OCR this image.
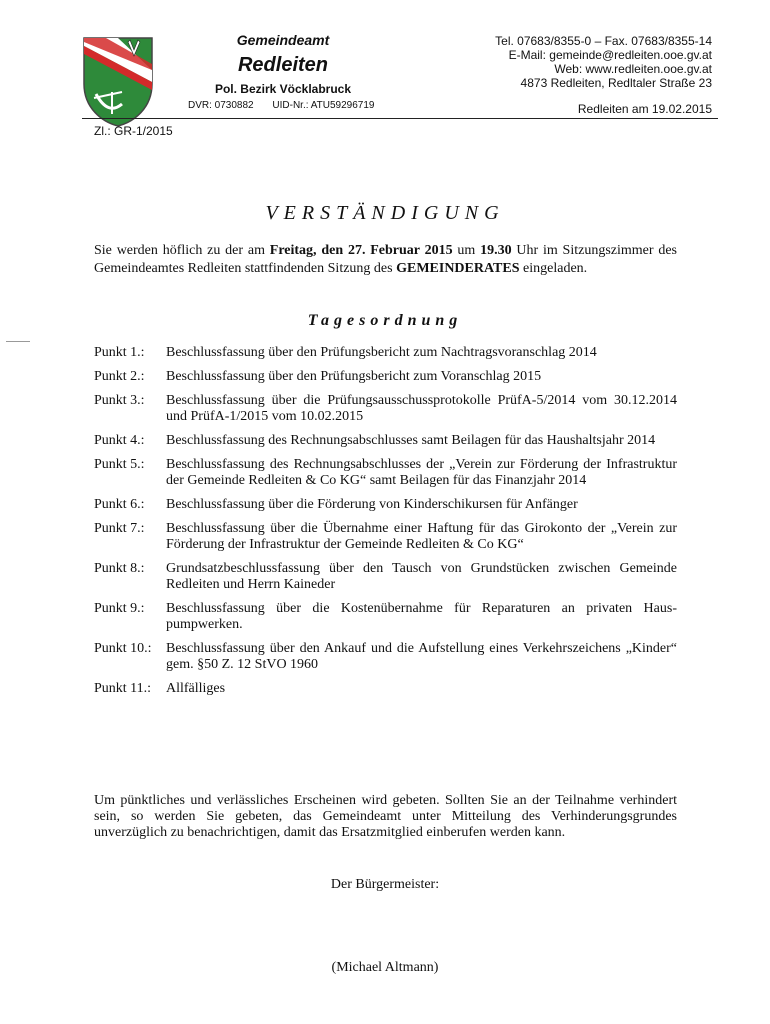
Gemeindeamt
Redleiten
Pol. Bezirk Vöcklabruck
DVR: 0730882 UID-Nr.: ATU59296719
Tel. 07683/8355-0 – Fax. 07683/8355-14
E-Mail: gemeinde@redleiten.ooe.gv.at
Web: www.redleiten.ooe.gv.at
4873 Redleiten, Redltaler Straße 23
Redleiten am 19.02.2015
Zl.: GR-1/2015
VERSTÄNDIGUNG
Sie werden höflich zu der am Freitag, den 27. Februar 2015 um 19.30 Uhr im Sitzungszimmer des Gemeindeamtes Redleiten stattfindenden Sitzung des GEMEINDERATES eingeladen.
Tagesordnung
Punkt 1.:	Beschlussfassung über den Prüfungsbericht zum Nachtragsvoranschlag 2014
Punkt 2.:	Beschlussfassung über den Prüfungsbericht zum Voranschlag 2015
Punkt 3.:	Beschlussfassung über die Prüfungsausschussprotokolle PrüfA-5/2014 vom 30.12.2014 und PrüfA-1/2015 vom 10.02.2015
Punkt 4.:	Beschlussfassung des Rechnungsabschlusses samt Beilagen für das Haushaltsjahr 2014
Punkt 5.:	Beschlussfassung des Rechnungsabschlusses der „Verein zur Förderung der Infrastruktur der Gemeinde Redleiten & Co KG“ samt Beilagen für das Finanzjahr 2014
Punkt 6.:	Beschlussfassung über die Förderung von Kinderschikursen für Anfänger
Punkt 7.:	Beschlussfassung über die Übernahme einer Haftung für das Girokonto der „Verein zur Förderung der Infrastruktur der Gemeinde Redleiten & Co KG“
Punkt 8.:	Grundsatzbeschlussfassung über den Tausch von Grundstücken zwischen Gemeinde Redleiten und Herrn Kaineder
Punkt 9.:	Beschlussfassung über die Kostenübernahme für Reparaturen an privaten Hauspumpwerken.
Punkt 10.:	Beschlussfassung über den Ankauf und die Aufstellung eines Verkehrszeichens „Kinder“ gem. §50 Z. 12 StVO 1960
Punkt 11.:	Allfälliges
Um pünktliches und verlässliches Erscheinen wird gebeten. Sollten Sie an der Teilnahme verhindert sein, so werden Sie gebeten, das Gemeindeamt unter Mitteilung des Verhinderungsgrundes unverzüglich zu benachrichtigen, damit das Ersatzmitglied einberufen werden kann.
Der Bürgermeister:
(Michael Altmann)
